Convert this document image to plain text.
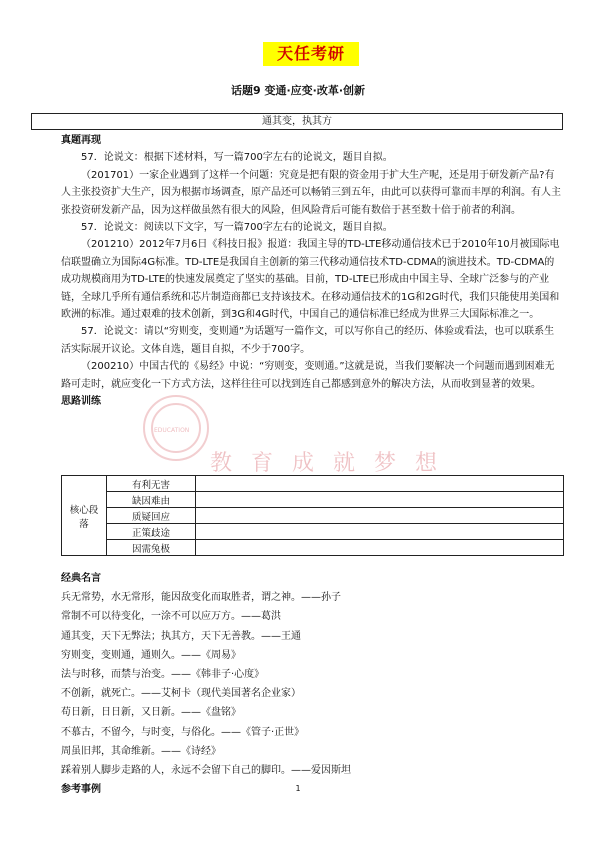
天任考研
话题9 变通·应变·改革·创新
通其变，执其方

真题再现

57．论说文：根据下述材料，写一篇700字左右的论说文，题目自拟。

（201701）一家企业遇到了这样一个问题：究竟是把有限的资金用于扩大生产呢，还是用于研发新产品?有人主张投资扩大生产，因为根据市场调查，原产品还可以畅销三到五年，由此可以获得可靠而丰厚的利润。有人主张投资研发新产品，因为这样做虽然有很大的风险，但风险背后可能有数倍于甚至数十倍于前者的利润。

57．论说文：阅读以下文字，写一篇700字左右的论说文，题目自拟。

（201210）2012年7月6日《科技日报》报道：我国主导的TD-LTE移动通信技术已于2010年10月被国际电信联盟确立为国际4G标准。TD-LTE是我国自主创新的第三代移动通信技术TD-CDMA的演进技术。TD-CDMA的成功规模商用为TD-LTE的快速发展奠定了坚实的基础。目前，TD-LTE已形成由中国主导、全球广泛参与的产业链，全球几乎所有通信系统和芯片制造商都已支持该技术。在移动通信技术的1G和2G时代，我们只能使用美国和欧洲的标准。通过艰难的技术创新，到3G和4G时代，中国自己的通信标准已经成为世界三大国际标准之一。

57．论说文：请以“穷则变，变则通”为话题写一篇作文，可以写你自己的经历、体验或看法，也可以联系生活实际展开议论。文体自选，题目自拟，不少于700字。

（200210）中国古代的《易经》中说：“穷则变，变则通。”这就是说，当我们要解决一个问题而遇到困难无路可走时，就应变化一下方式方法，这样往往可以找到连自己都感到意外的解决方法，从而收到显著的效果。

思路训练

EDUCATION
教 育 成 就 梦 想
核心段落	有利无害	
	缺因难由	
	质疑回应	
	正策歧途	
	因需兔极	

经典名言

兵无常势，水无常形，能因敌变化而取胜者，谓之神。——孙子

常制不可以待变化，一涂不可以应万方。——葛洪

通其变，天下无弊法；执其方，天下无善教。——王通

穷则变，变则通，通则久。——《周易》

法与时移，而禁与治变。——《韩非子·心度》

不创新，就死亡。——艾柯卡（现代美国著名企业家）

苟日新，日日新，又日新。——《盘铭》

不慕古，不留今，与时变，与俗化。——《管子·正世》

周虽旧邦，其命维新。——《诗经》

踩着别人脚步走路的人，永远不会留下自己的脚印。——爱因斯坦

参考事例	1
